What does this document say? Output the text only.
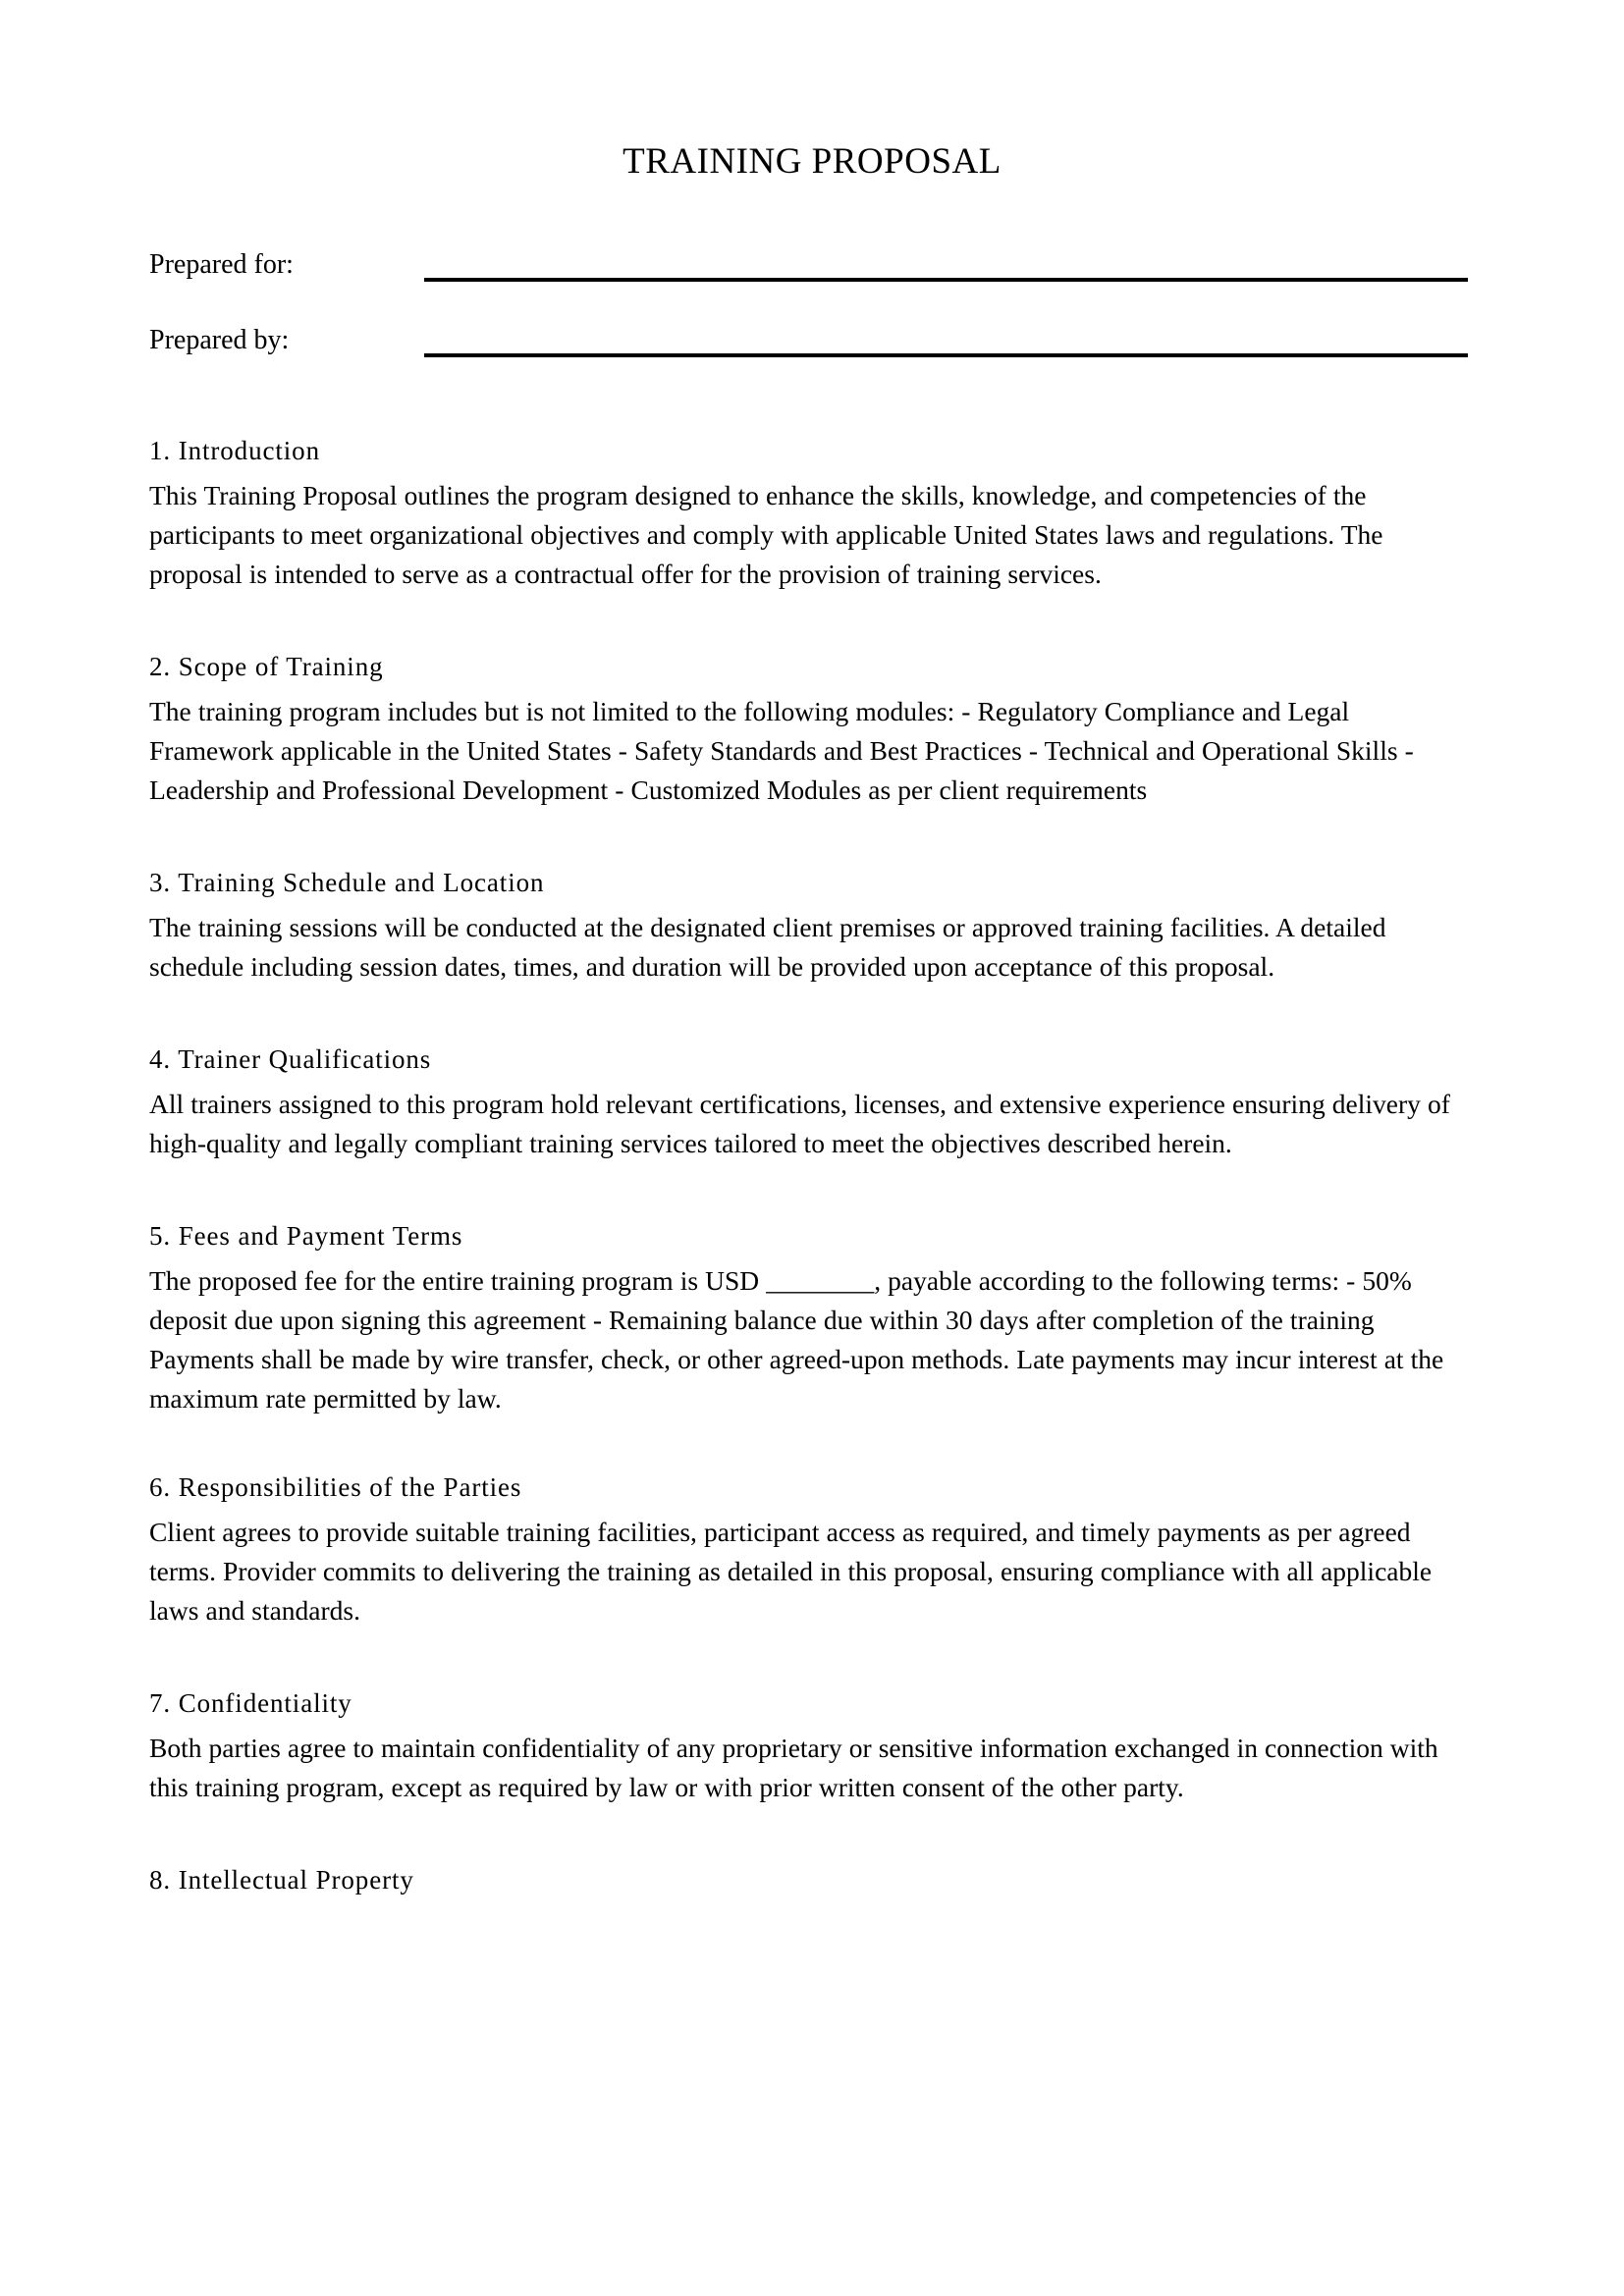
TRAINING PROPOSAL
Prepared for:
Prepared by:
1. Introduction

This Training Proposal outlines the program designed to enhance the skills, knowledge, and competencies of the participants to meet organizational objectives and comply with applicable United States laws and regulations. The proposal is intended to serve as a contractual offer for the provision of training services.

2. Scope of Training

The training program includes but is not limited to the following modules: - Regulatory Compliance and Legal Framework applicable in the United States - Safety Standards and Best Practices - Technical and Operational Skills - Leadership and Professional Development - Customized Modules as per client requirements

3. Training Schedule and Location

The training sessions will be conducted at the designated client premises or approved training facilities. A detailed schedule including session dates, times, and duration will be provided upon acceptance of this proposal.

4. Trainer Qualifications

All trainers assigned to this program hold relevant certifications, licenses, and extensive experience ensuring delivery of high-quality and legally compliant training services tailored to meet the objectives described herein.

5. Fees and Payment Terms

The proposed fee for the entire training program is USD ________, payable according to the following terms: - 50% deposit due upon signing this agreement - Remaining balance due within 30 days after completion of the training Payments shall be made by wire transfer, check, or other agreed-upon methods. Late payments may incur interest at the maximum rate permitted by law.

6. Responsibilities of the Parties

Client agrees to provide suitable training facilities, participant access as required, and timely payments as per agreed terms. Provider commits to delivering the training as detailed in this proposal, ensuring compliance with all applicable laws and standards.

7. Confidentiality

Both parties agree to maintain confidentiality of any proprietary or sensitive information exchanged in connection with this training program, except as required by law or with prior written consent of the other party.

8. Intellectual Property
